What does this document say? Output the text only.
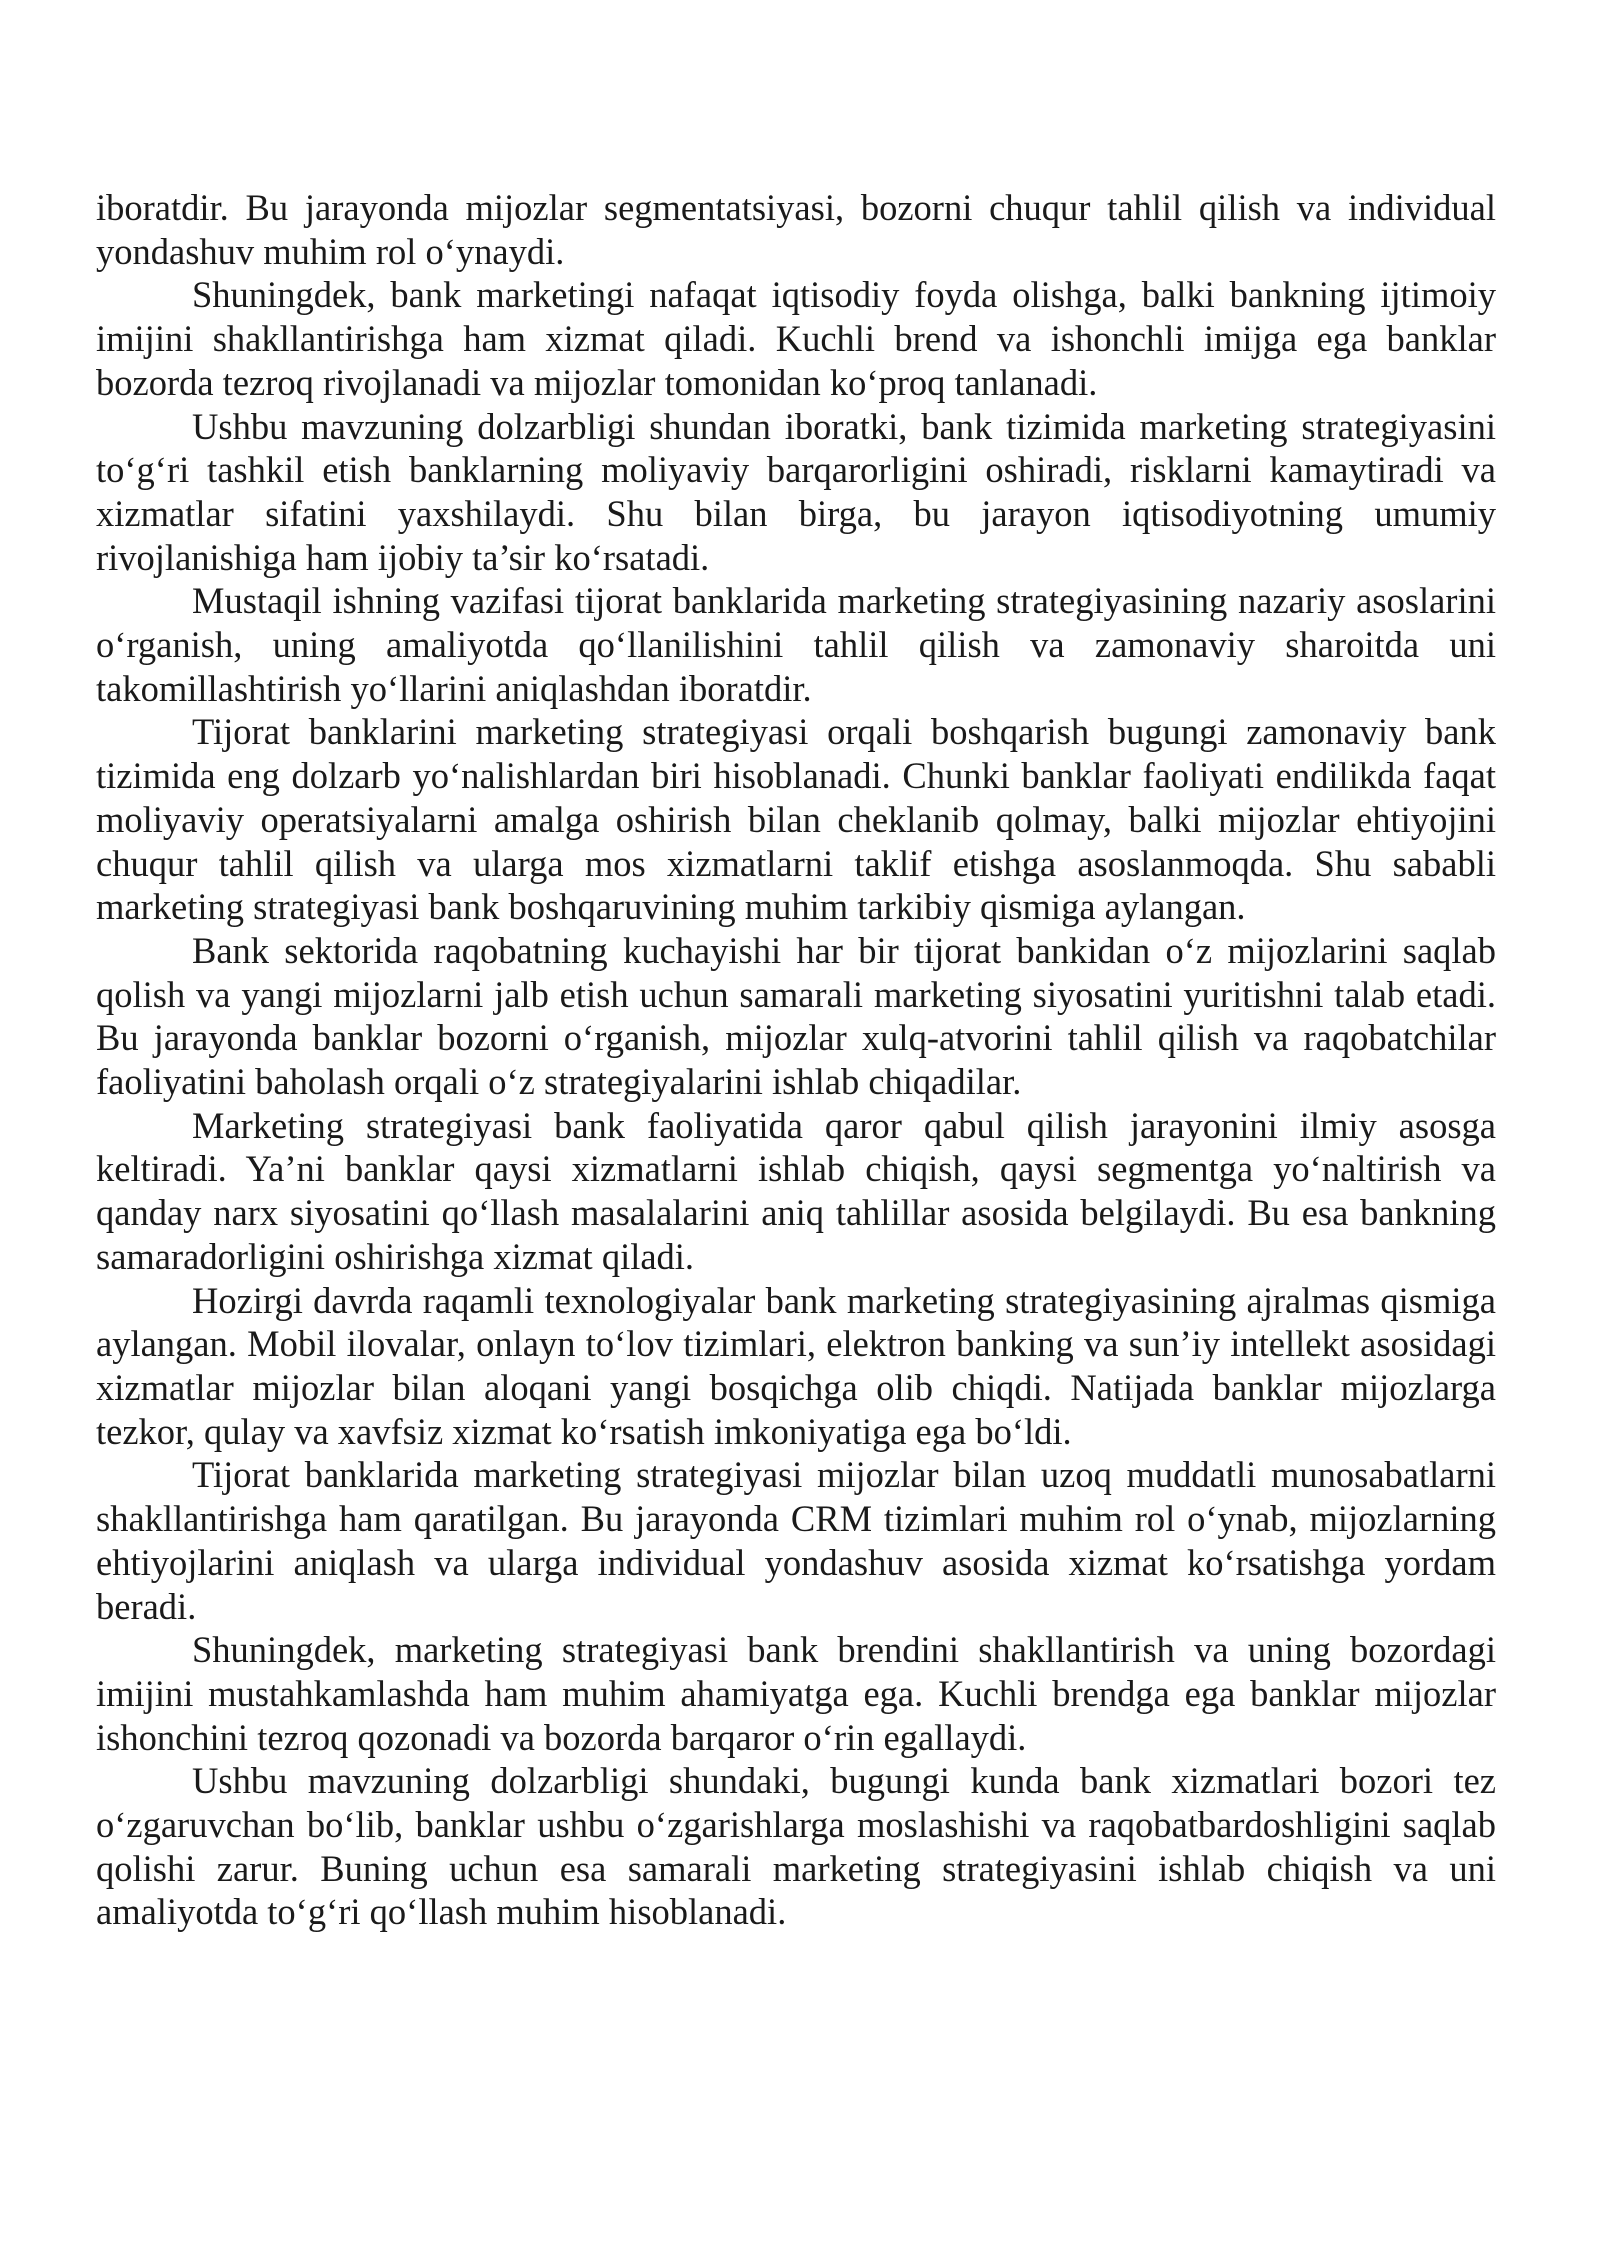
iboratdir. Bu jarayonda mijozlar segmentatsiyasi, bozorni chuqur tahlil qilish va individual yondashuv muhim rol o‘ynaydi.

Shuningdek, bank marketingi nafaqat iqtisodiy foyda olishga, balki bankning ijtimoiy imijini shakllantirishga ham xizmat qiladi. Kuchli brend va ishonchli imijga ega banklar bozorda tezroq rivojlanadi va mijozlar tomonidan ko‘proq tanlanadi.

Ushbu mavzuning dolzarbligi shundan iboratki, bank tizimida marketing strategiyasini to‘g‘ri tashkil etish banklarning moliyaviy barqarorligini oshiradi, risklarni kamaytiradi va xizmatlar sifatini yaxshilaydi. Shu bilan birga, bu jarayon iqtisodiyotning umumiy rivojlanishiga ham ijobiy ta’sir ko‘rsatadi.

Mustaqil ishning vazifasi tijorat banklarida marketing strategiyasining nazariy asoslarini o‘rganish, uning amaliyotda qo‘llanilishini tahlil qilish va zamonaviy sharoitda uni takomillashtirish yo‘llarini aniqlashdan iboratdir.

Tijorat banklarini marketing strategiyasi orqali boshqarish bugungi zamonaviy bank tizimida eng dolzarb yo‘nalishlardan biri hisoblanadi. Chunki banklar faoliyati endilikda faqat moliyaviy operatsiyalarni amalga oshirish bilan cheklanib qolmay, balki mijozlar ehtiyojini chuqur tahlil qilish va ularga mos xizmatlarni taklif etishga asoslanmoqda. Shu sababli marketing strategiyasi bank boshqaruvining muhim tarkibiy qismiga aylangan.

Bank sektorida raqobatning kuchayishi har bir tijorat bankidan o‘z mijozlarini saqlab qolish va yangi mijozlarni jalb etish uchun samarali marketing siyosatini yuritishni talab etadi. Bu jarayonda banklar bozorni o‘rganish, mijozlar xulq-atvorini tahlil qilish va raqobatchilar faoliyatini baholash orqali o‘z strategiyalarini ishlab chiqadilar.

Marketing strategiyasi bank faoliyatida qaror qabul qilish jarayonini ilmiy asosga keltiradi. Ya’ni banklar qaysi xizmatlarni ishlab chiqish, qaysi segmentga yo‘naltirish va qanday narx siyosatini qo‘llash masalalarini aniq tahlillar asosida belgilaydi. Bu esa bankning samaradorligini oshirishga xizmat qiladi.

Hozirgi davrda raqamli texnologiyalar bank marketing strategiyasining ajralmas qismiga aylangan. Mobil ilovalar, onlayn to‘lov tizimlari, elektron banking va sun’iy intellekt asosidagi xizmatlar mijozlar bilan aloqani yangi bosqichga olib chiqdi. Natijada banklar mijozlarga tezkor, qulay va xavfsiz xizmat ko‘rsatish imkoniyatiga ega bo‘ldi.

Tijorat banklarida marketing strategiyasi mijozlar bilan uzoq muddatli munosabatlarni shakllantirishga ham qaratilgan. Bu jarayonda CRM tizimlari muhim rol o‘ynab, mijozlarning ehtiyojlarini aniqlash va ularga individual yondashuv asosida xizmat ko‘rsatishga yordam beradi.

Shuningdek, marketing strategiyasi bank brendini shakllantirish va uning bozordagi imijini mustahkamlashda ham muhim ahamiyatga ega. Kuchli brendga ega banklar mijozlar ishonchini tezroq qozonadi va bozorda barqaror o‘rin egallaydi.

Ushbu mavzuning dolzarbligi shundaki, bugungi kunda bank xizmatlari bozori tez o‘zgaruvchan bo‘lib, banklar ushbu o‘zgarishlarga moslashishi va raqobatbardoshligini saqlab qolishi zarur. Buning uchun esa samarali marketing strategiyasini ishlab chiqish va uni amaliyotda to‘g‘ri qo‘llash muhim hisoblanadi.
